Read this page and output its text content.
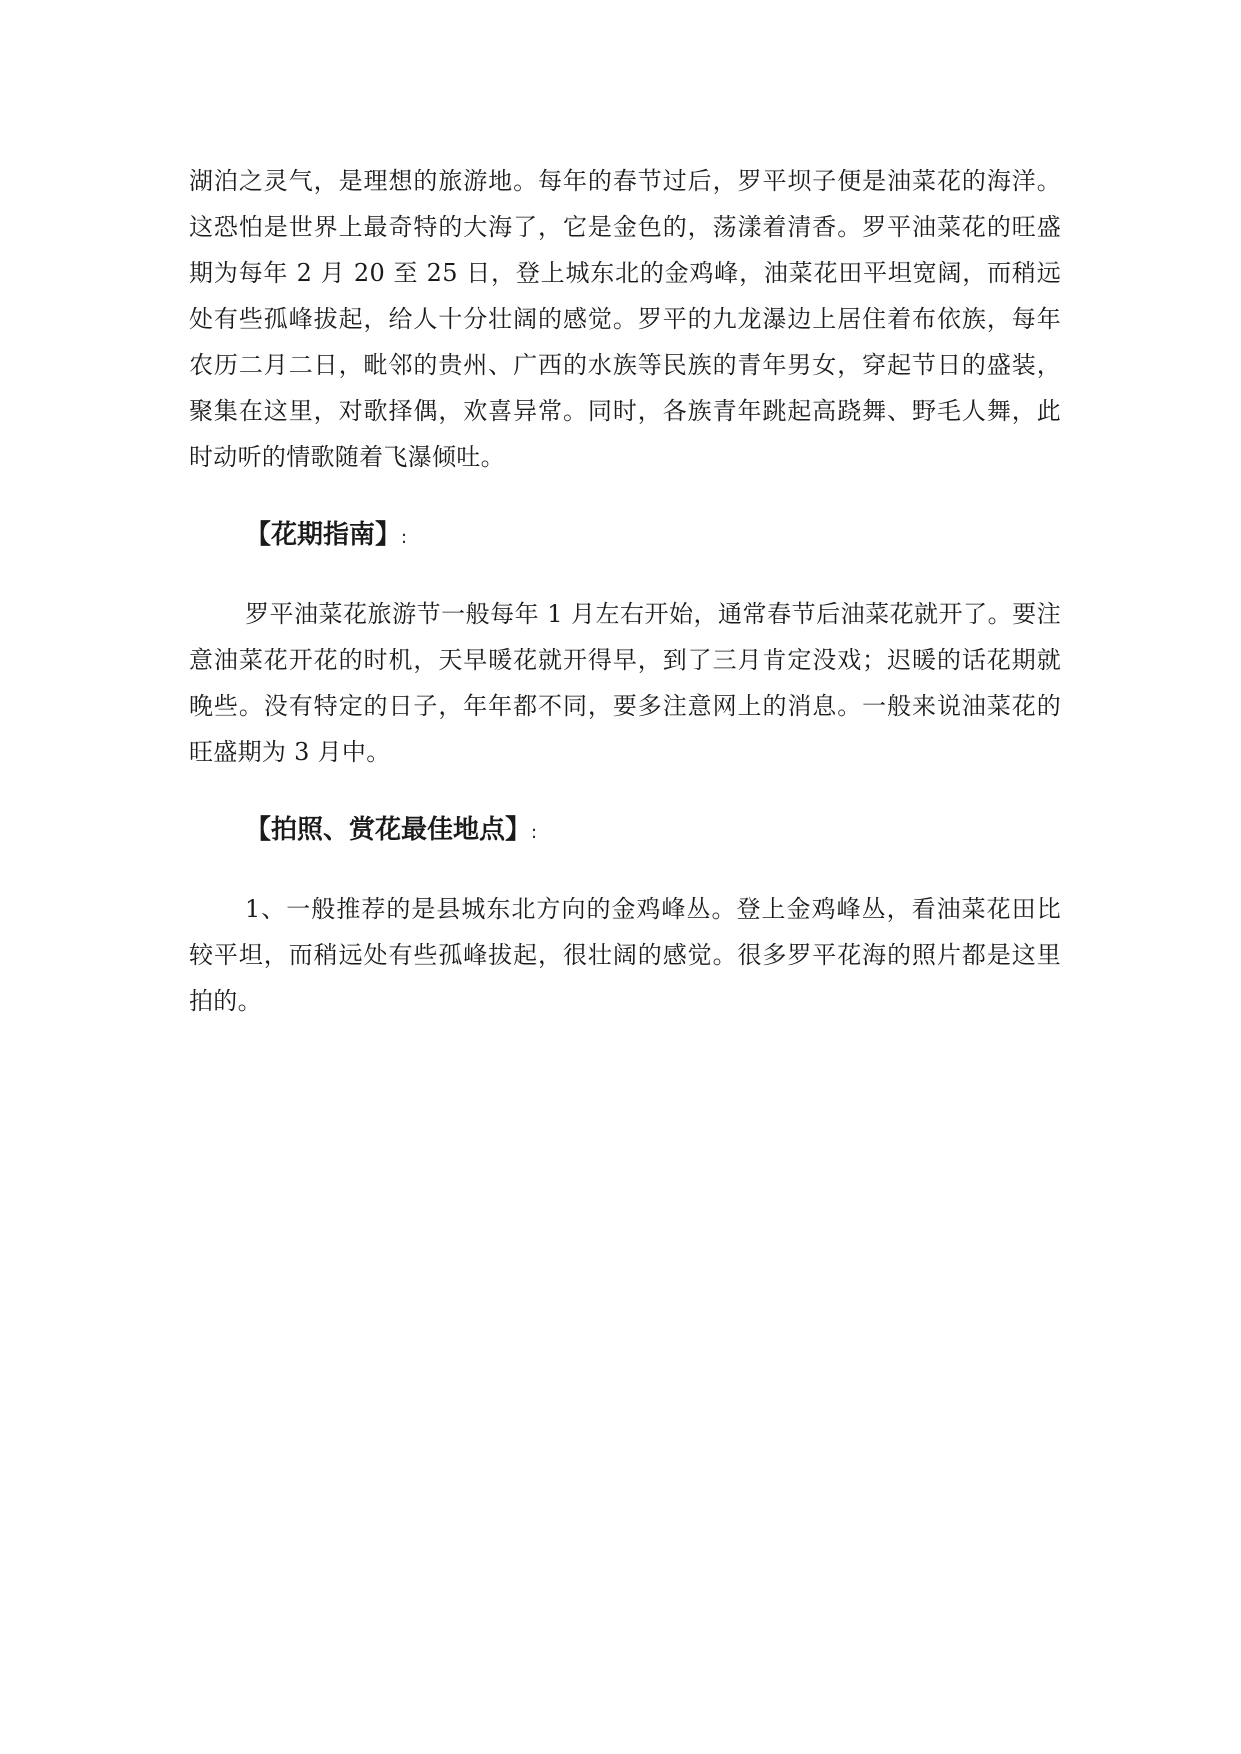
湖泊之灵气，是理想的旅游地。每年的春节过后，罗平坝子便是油菜花的海洋。这恐怕是世界上最奇特的大海了，它是金色的，荡漾着清香。罗平油菜花的旺盛期为每年 2 月 20 至 25 日，登上城东北的金鸡峰，油菜花田平坦宽阔，而稍远处有些孤峰拔起，给人十分壮阔的感觉。罗平的九龙瀑边上居住着布依族，每年农历二月二日，毗邻的贵州、广西的水族等民族的青年男女，穿起节日的盛装，聚集在这里，对歌择偶，欢喜异常。同时，各族青年跳起高跷舞、野毛人舞，此时动听的情歌随着飞瀑倾吐。

【花期指南】:

罗平油菜花旅游节一般每年 1 月左右开始，通常春节后油菜花就开了。要注意油菜花开花的时机，天早暖花就开得早，到了三月肯定没戏；迟暖的话花期就晚些。没有特定的日子，年年都不同，要多注意网上的消息。一般来说油菜花的旺盛期为 3 月中。

【拍照、赏花最佳地点】:

1、一般推荐的是县城东北方向的金鸡峰丛。登上金鸡峰丛，看油菜花田比较平坦，而稍远处有些孤峰拔起，很壮阔的感觉。很多罗平花海的照片都是这里拍的。
